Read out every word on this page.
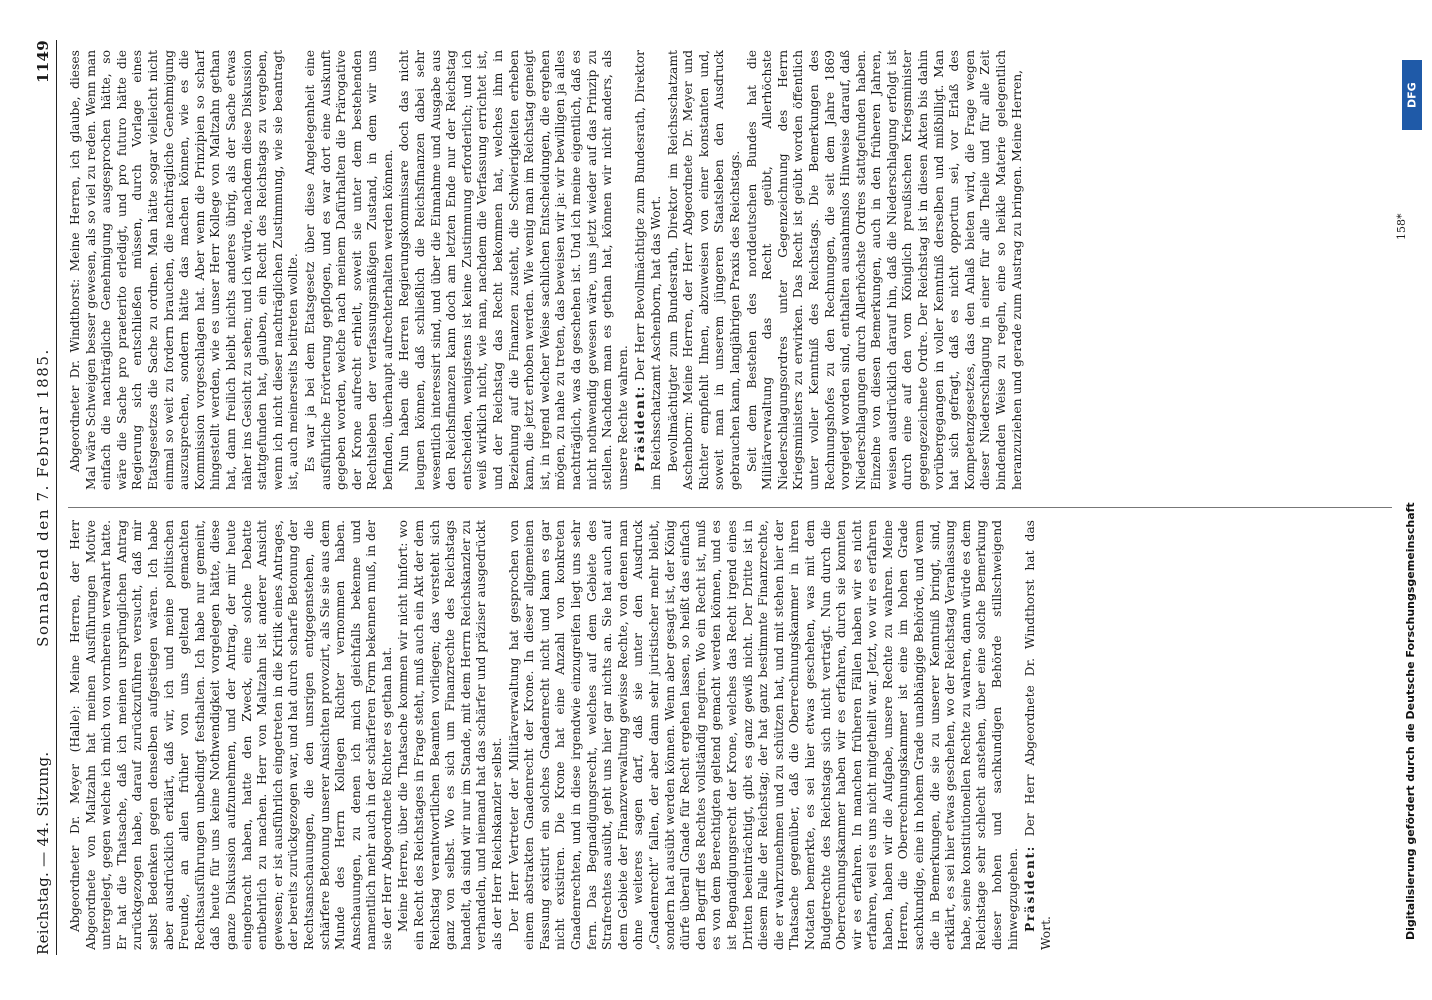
Reichstag. — 44. Sitzung.
Sonnabend den 7. Februar 1885.
1149

Abgeordneter Dr. Meyer (Halle): Meine Herren, der Herr Abgeordnete von Maltzahn hat meinen Ausführungen Motive untergelegt, gegen welche ich mich von vornherein verwahrt hatte. Er hat die Thatsache, daß ich meinen ursprünglichen Antrag zurückgezogen habe, darauf zurückzuführen versucht, daß mir selbst Bedenken gegen denselben aufgestiegen wären. Ich habe aber ausdrücklich erklärt, daß wir, ich und meine politischen Freunde, an allen früher von uns geltend gemachten Rechtsausführungen unbedingt festhalten. Ich habe nur gemeint, daß heute für uns keine Nothwendigkeit vorgelegen hätte, diese ganze Diskussion aufzunehmen, und der Antrag, der mir heute eingebracht haben, hatte den Zweck, eine solche Debatte entbehrlich zu machen. Herr von Maltzahn ist anderer Ansicht gewesen; er ist ausführlich eingetreten in die Kritik eines Antrages, der bereits zurückgezogen war, und hat durch scharfe Betonung der Rechtsanschauungen, die den unsrigen entgegenstehen, die schärfere Betonung unserer Ansichten provozirt, als Sie sie aus dem Munde des Herrn Kollegen Richter vernommen haben. Anschauungen, zu denen ich mich gleichfalls bekenne und namentlich mehr auch in der schärferen Form bekennen muß, in der sie der Herr Abgeordnete Richter es gethan hat. Meine Herren, über die Thatsache kommen wir nicht hinfort: wo ein Recht des Reichstages in Frage steht, muß auch ein Akt der dem Reichstag verantwortlichen Beamten vorliegen; das versteht sich ganz von selbst. Wo es sich um Finanzrechte des Reichstags handelt, da sind wir nur im Stande, mit dem Herrn Reichskanzler zu verhandeln, und niemand hat das schärfer und präziser ausgedrückt als der Herr Reichskanzler selbst. Der Herr Vertreter der Militärverwaltung hat gesprochen von einem abstrakten Gnadenrecht der Krone. In dieser allgemeinen Fassung existirt ein solches Gnadenrecht nicht und kann es gar nicht existiren. Die Krone hat eine Anzahl von konkreten Gnadenrechten, und in diese irgendwie einzugreifen liegt uns sehr fern. Das Begnadigungsrecht, welches auf dem Gebiete des Strafrechtes ausübt, geht uns hier gar nichts an. Sie hat auch auf dem Gebiete der Finanzverwaltung gewisse Rechte, von denen man ohne weiteres sagen darf, daß sie unter den Ausdruck „Gnadenrecht“ fallen, der aber dann sehr juristischer mehr bleibt, sondern hat ausübt werden können. Wenn aber gesagt ist, der König dürfe überall Gnade für Recht ergehen lassen, so heißt das einfach den Begriff des Rechtes vollständig negiren. Wo ein Recht ist, muß es von dem Berechtigten geltend gemacht werden können, und es ist Begnadigungsrecht der Krone, welches das Recht irgend eines Dritten beeinträchtigt, gibt es ganz gewiß nicht. Der Dritte ist in diesem Falle der Reichstag; der hat ganz bestimmte Finanzrechte, die er wahrzunehmen und zu schützen hat, und mit stehen hier der Thatsache gegenüber, daß die Oberrechnungskammer in ihren Notaten bemerkte, es sei hier etwas geschehen, was mit dem Budgetrechte des Reichstags sich nicht verträgt. Nun durch die Oberrechnungskammer haben wir es erfahren, durch sie konnten wir es erfahren. In manchen früheren Fällen haben wir es nicht erfahren, weil es uns nicht mitgetheilt war. Jetzt, wo wir es erfahren haben, haben wir die Aufgabe, unsere Rechte zu wahren. Meine Herren, die Oberrechnungskammer ist eine im hohen Grade sachkundige, eine in hohem Grade unabhängige Behörde, und wenn die in Bemerkungen, die sie zu unserer Kenntniß bringt, sind, erklärt, es sei hier etwas geschehen, wo der Reichstag Veranlassung habe, seine konstitutionellen Rechte zu wahren, dann würde es dem Reichstage sehr schlecht anstehen, über eine solche Bemerkung dieser hohen und sachkundigen Behörde stillschweigend hinwegzugehen. Präsident: Der Herr Abgeordnete Dr. Windthorst hat das Wort.

Abgeordneter Dr. Windthorst: Meine Herren, ich glaube, dieses Mal wäre Schweigen besser gewesen, als so viel zu reden. Wenn man einfach die nachträgliche Genehmigung ausgesprochen hätte, so wäre die Sache pro praeterito erledigt, und pro futuro hätte die Regierung sich entschließen müssen, durch Vorlage eines Etatsgesetzes die Sache zu ordnen. Man hätte sogar vielleicht nicht einmal so weit zu fordern brauchen, die nachträgliche Genehmigung auszusprechen, sondern hätte das machen können, wie es die Kommission vorgeschlagen hat. Aber wenn die Prinzipien so scharf hingestellt werden, wie es unser Herr Kollege von Maltzahn gethan hat, dann freilich bleibt nichts anderes übrig, als der Sache etwas näher ins Gesicht zu sehen; und ich würde, nachdem diese Diskussion stattgefunden hat, glauben, ein Recht des Reichstags zu vergeben, wenn ich nicht dieser nachträglichen Zustimmung, wie sie beantragt ist, auch meinerseits beitreten wollte. Es war ja bei dem Etatsgesetz über diese Angelegenheit eine ausführliche Erörterung gepflogen, und es war dort eine Auskunft gegeben worden, welche nach meinem Dafürhalten die Prärogative der Krone aufrecht erhielt, soweit sie unter dem bestehenden Rechtsleben der verfassungsmäßigen Zustand, in dem wir uns befinden, überhaupt aufrechterhalten werden können. Nun haben die Herren Regierungskommissare doch das nicht leugnen können, daß schließlich die Reichsfinanzen dabei sehr wesentlich interessirt sind, und über die Einnahme und Ausgabe aus den Reichsfinanzen kann doch am letzten Ende nur der Reichstag entscheiden, wenigstens ist keine Zustimmung erforderlich; und ich weiß wirklich nicht, wie man, nachdem die Verfassung errichtet ist, und der Reichstag das Recht bekommen hat, welches ihm in Beziehung auf die Finanzen zusteht, die Schwierigkeiten erheben kann, die jetzt erhoben werden. Wie wenig man im Reichstag geneigt ist, in irgend welcher Weise sachlichen Entscheidungen, die ergehen mögen, zu nahe zu treten, das beweisen wir ja: wir bewilligen ja alles nachträglich, was da geschehen ist. Und ich meine eigentlich, daß es nicht nothwendig gewesen wäre, uns jetzt wieder auf das Prinzip zu stellen. Nachdem man es gethan hat, können wir nicht anders, als unsere Rechte wahren. Präsident: Der Herr Bevollmächtigte zum Bundesrath, Direktor im Reichsschatzamt Aschenborn, hat das Wort. Bevollmächtigter zum Bundesrath, Direktor im Reichsschatzamt Aschenborn: Meine Herren, der Herr Abgeordnete Dr. Meyer und Richter empfiehlt Ihnen, abzuweisen von einer konstanten und, soweit man in unserem jüngeren Staatsleben den Ausdruck gebrauchen kann, langjährigen Praxis des Reichstags. Seit dem Bestehen des norddeutschen Bundes hat die Militärverwaltung das Recht geübt, Allerhöchste Niederschlagungsordres unter Gegenzeichnung des Herrn Kriegsministers zu erwirken. Das Recht ist geübt worden öffentlich unter voller Kenntniß des Reichstags. Die Bemerkungen des Rechnungshofes zu den Rechnungen, die seit dem Jahre 1869 vorgelegt worden sind, enthalten ausnahmslos Hinweise darauf, daß Niederschlagungen durch Allerhöchste Ordres stattgefunden haben. Einzelne von diesen Bemerkungen, auch in den früheren Jahren, weisen ausdrücklich darauf hin, daß die Niederschlagung erfolgt ist durch eine auf den vom Königlich preußischen Kriegsminister gegengezeichnete Ordre. Der Reichstag ist in diesen Akten bis dahin vorübergegangen in voller Kenntniß derselben und mißbilligt. Man hat sich gefragt, daß es nicht opportun sei, vor Erlaß des Kompetenzgesetzes, das den Anlaß bieten wird, die Frage wegen dieser Niederschlagung in einer für alle Theile und für alle Zeit bindenden Weise zu regeln, eine so heikle Materie gelegentlich heranzuziehen und gerade zum Austrag zu bringen. Meine Herren,	158*
DFG
Digitalisierung gefördert durch die Deutsche Forschungsgemeinschaft
